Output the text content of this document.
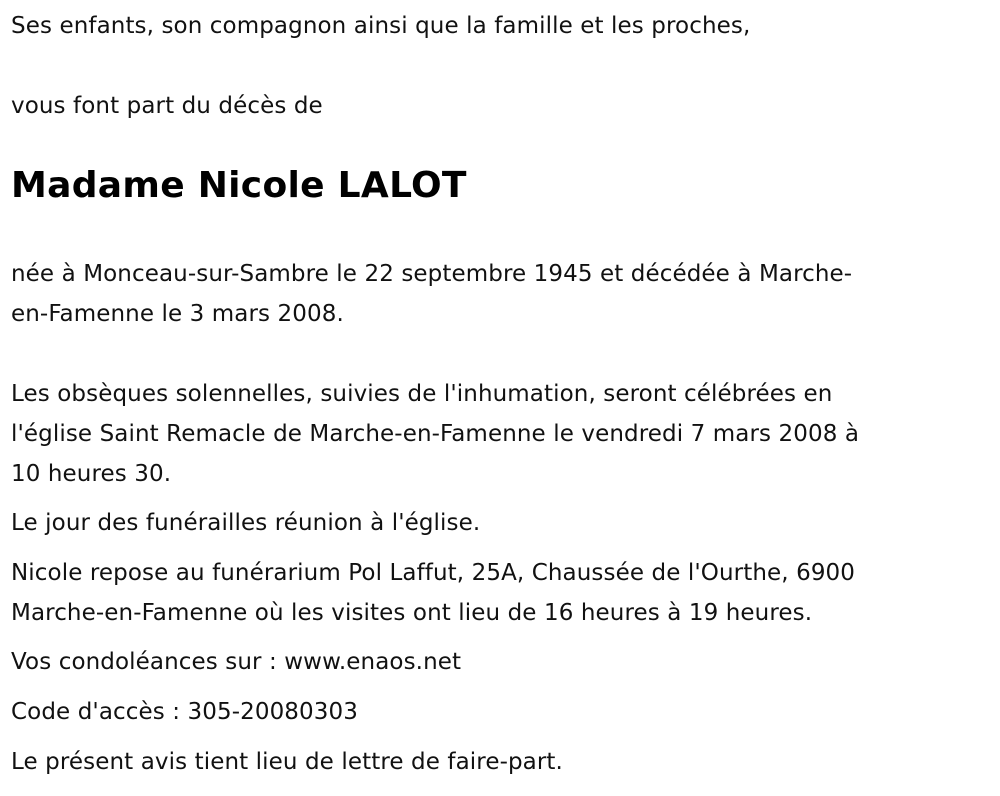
Ses enfants, son compagnon ainsi que la famille et les proches,
vous font part du décès de
Madame Nicole LALOT
née à Monceau-sur-Sambre le 22 septembre 1945 et décédée à Marche-
en-Famenne le 3 mars 2008.
Les obsèques solennelles, suivies de l'inhumation, seront célébrées en
l'église Saint Remacle de Marche-en-Famenne le vendredi 7 mars 2008 à
10 heures 30.
Le jour des funérailles réunion à l'église.
Nicole repose au funérarium Pol Laffut, 25A, Chaussée de l'Ourthe, 6900
Marche-en-Famenne où les visites ont lieu de 16 heures à 19 heures.
Vos condoléances sur : www.enaos.net
Code d'accès : 305-20080303
Le présent avis tient lieu de lettre de faire-part.
